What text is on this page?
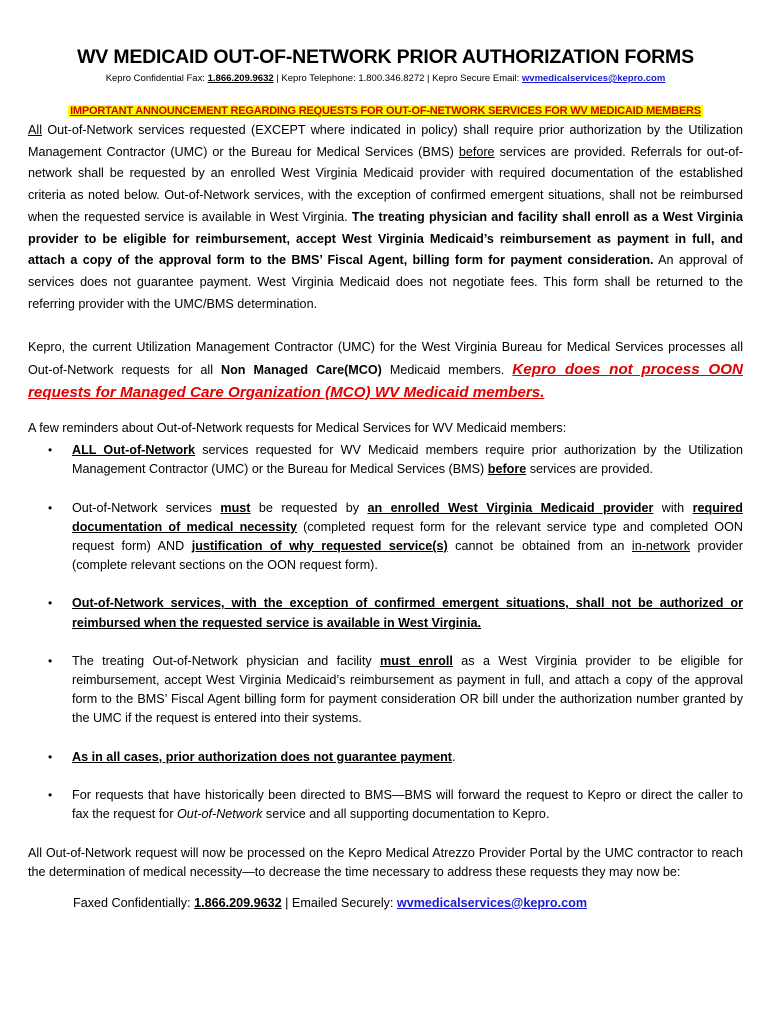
WV MEDICAID OUT-OF-NETWORK PRIOR AUTHORIZATION FORMS
Kepro Confidential Fax: 1.866.209.9632 | Kepro Telephone: 1.800.346.8272 | Kepro Secure Email: wvmedicalservices@kepro.com
IMPORTANT ANNOUNCEMENT REGARDING REQUESTS FOR OUT-OF-NETWORK SERVICES FOR WV MEDICAID MEMBERS

All Out-of-Network services requested (EXCEPT where indicated in policy) shall require prior authorization by the Utilization Management Contractor (UMC) or the Bureau for Medical Services (BMS) before services are provided. Referrals for out-of-network shall be requested by an enrolled West Virginia Medicaid provider with required documentation of the established criteria as noted below. Out-of-Network services, with the exception of confirmed emergent situations, shall not be reimbursed when the requested service is available in West Virginia. The treating physician and facility shall enroll as a West Virginia provider to be eligible for reimbursement, accept West Virginia Medicaid’s reimbursement as payment in full, and attach a copy of the approval form to the BMS’ Fiscal Agent, billing form for payment consideration. An approval of services does not guarantee payment. West Virginia Medicaid does not negotiate fees. This form shall be returned to the referring provider with the UMC/BMS determination.

Kepro, the current Utilization Management Contractor (UMC) for the West Virginia Bureau for Medical Services processes all Out-of-Network requests for all Non Managed Care(MCO) Medicaid members. Kepro does not process OON requests for Managed Care Organization (MCO) WV Medicaid members.

A few reminders about Out-of-Network requests for Medical Services for WV Medicaid members:

• ALL Out-of-Network services requested for WV Medicaid members require prior authorization by the Utilization Management Contractor (UMC) or the Bureau for Medical Services (BMS) before services are provided.
• Out-of-Network services must be requested by an enrolled West Virginia Medicaid provider with required documentation of medical necessity (completed request form for the relevant service type and completed OON request form) AND justification of why requested service(s) cannot be obtained from an in-network provider (complete relevant sections on the OON request form).
• Out-of-Network services, with the exception of confirmed emergent situations, shall not be authorized or reimbursed when the requested service is available in West Virginia.
• The treating Out-of-Network physician and facility must enroll as a West Virginia provider to be eligible for reimbursement, accept West Virginia Medicaid’s reimbursement as payment in full, and attach a copy of the approval form to the BMS’ Fiscal Agent billing form for payment consideration OR bill under the authorization number granted by the UMC if the request is entered into their systems.
• As in all cases, prior authorization does not guarantee payment.
• For requests that have historically been directed to BMS—BMS will forward the request to Kepro or direct the caller to fax the request for Out-of-Network service and all supporting documentation to Kepro.

All Out-of-Network request will now be processed on the Kepro Medical Atrezzo Provider Portal by the UMC contractor to reach the determination of medical necessity—to decrease the time necessary to address these requests they may now be:

Faxed Confidentially: 1.866.209.9632 | Emailed Securely: wvmedicalservices@kepro.com
